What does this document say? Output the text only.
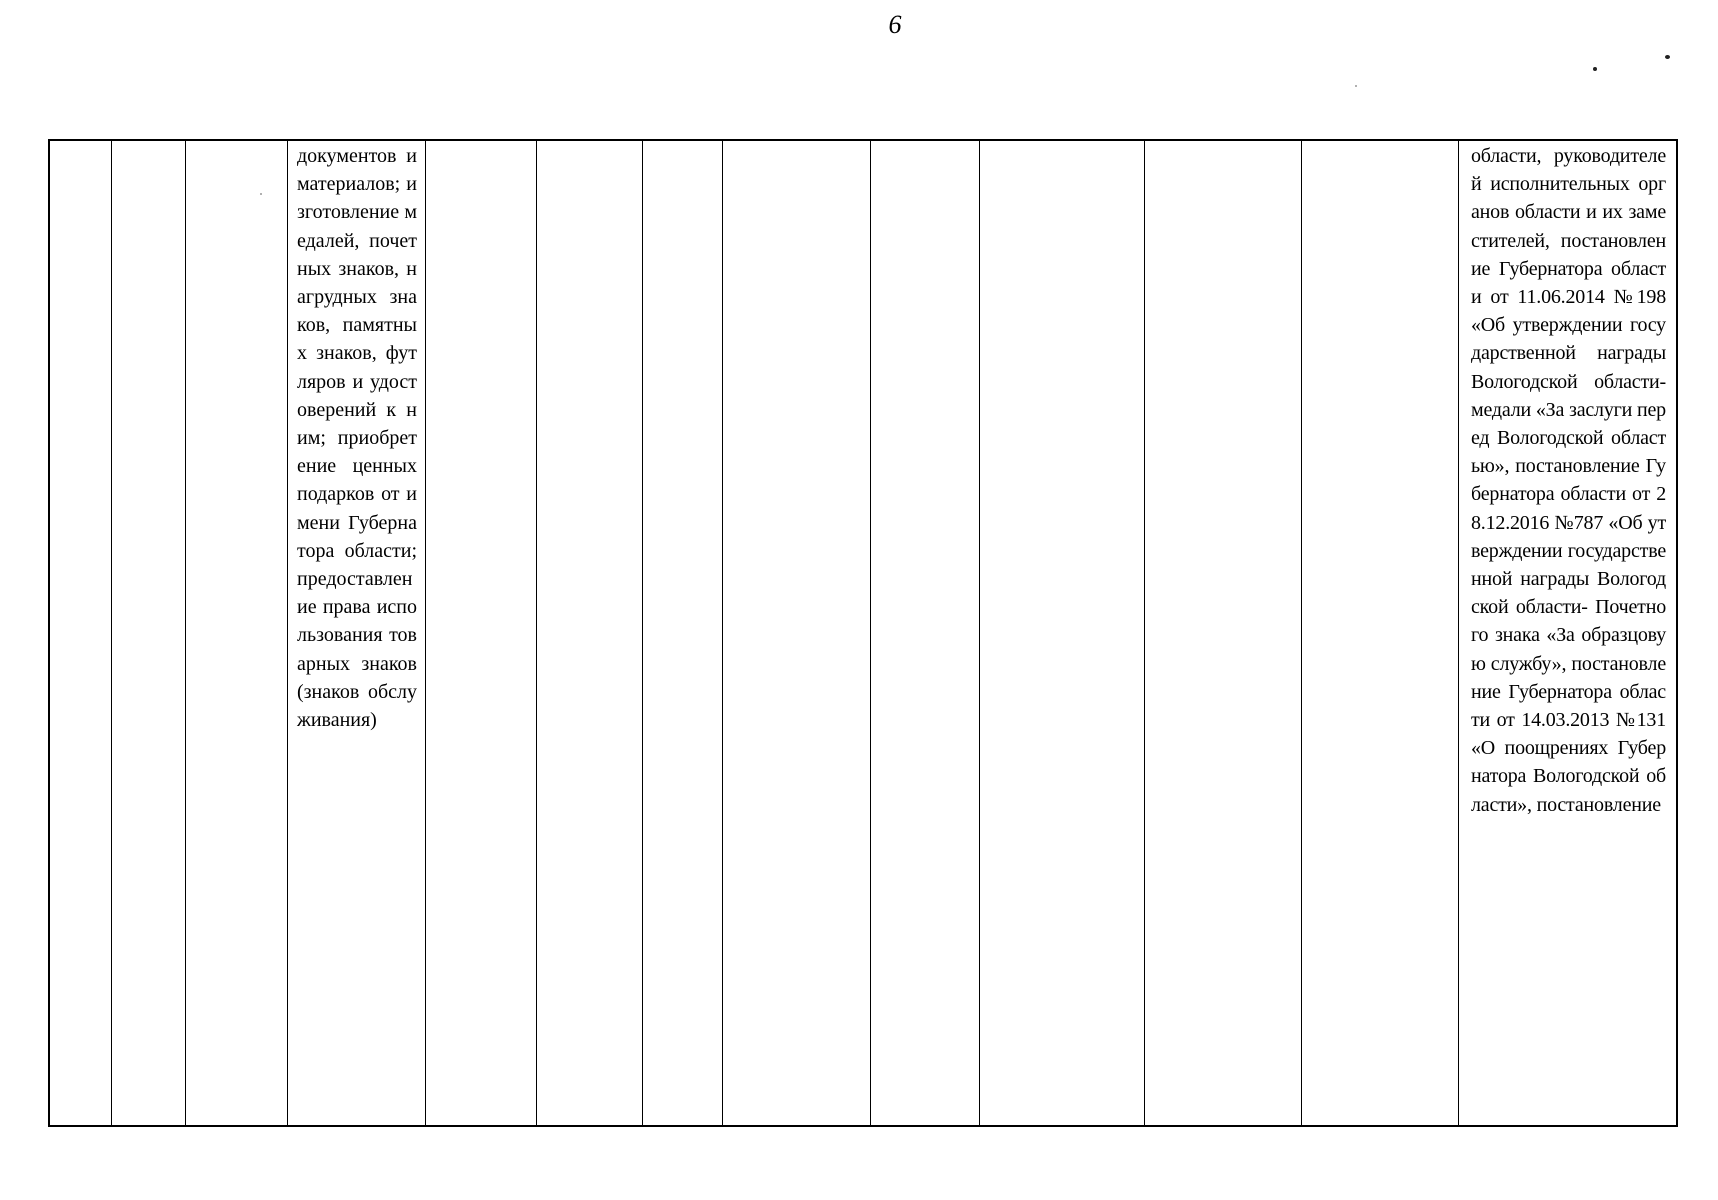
6

документов и материалов; изготовление медалей, почетных знаков, нагрудных знаков, памятных знаков, футляров и удостоверений к ним; приобретение ценных подарков от имени Губернатора области; предоставление права использования товарных знаков (знаков обслуживания)

области, руководителей исполнительных органов области и их заместителей, постановление Губернатора области от 11.06.2014 №198 «Об утверждении государственной награды Вологодской области-медали «За заслуги перед Вологодской областью», постановление Губернатора области от 28.12.2016 №787 «Об утверждении государственной награды Вологодской области- Почетного знака «За образцовую службу», постановление Губернатора области от 14.03.2013 №131 «О поощрениях Губернатора Вологодской области», постановление
